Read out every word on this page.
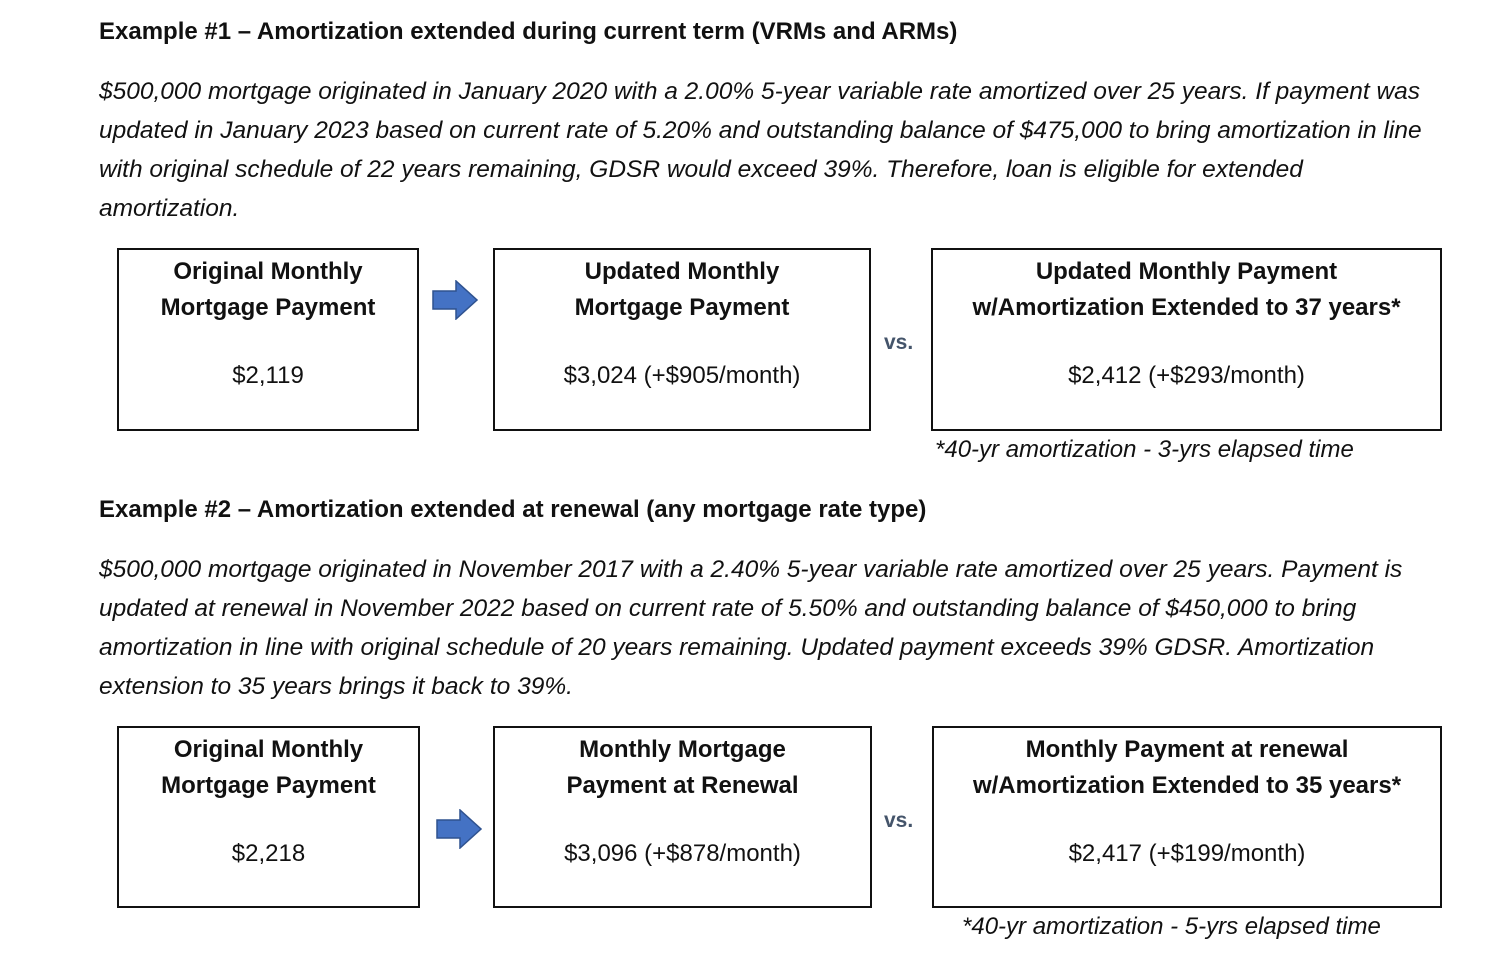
Example #1 – Amortization extended during current term (VRMs and ARMs)
$500,000 mortgage originated in January 2020 with a 2.00% 5-year variable rate amortized over 25 years. If payment was updated in January 2023 based on current rate of 5.20% and outstanding balance of $475,000 to bring amortization in line with original schedule of 22 years remaining, GDSR would exceed 39%. Therefore, loan is eligible for extended amortization.
Original Monthly
Mortgage Payment
$2,119
Updated Monthly
Mortgage Payment
$3,024 (+$905/month)
vs.
Updated Monthly Payment
w/Amortization Extended to 37 years*
$2,412 (+$293/month)
*40-yr amortization - 3-yrs elapsed time
Example #2 – Amortization extended at renewal (any mortgage rate type)
$500,000 mortgage originated in November 2017 with a 2.40% 5-year variable rate amortized over 25 years. Payment is updated at renewal in November 2022 based on current rate of 5.50% and outstanding balance of $450,000 to bring amortization in line with original schedule of 20 years remaining. Updated payment exceeds 39% GDSR. Amortization extension to 35 years brings it back to 39%.
Original Monthly
Mortgage Payment
$2,218
Monthly Mortgage
Payment at Renewal
$3,096 (+$878/month)
vs.
Monthly Payment at renewal
w/Amortization Extended to 35 years*
$2,417 (+$199/month)
*40-yr amortization - 5-yrs elapsed time
